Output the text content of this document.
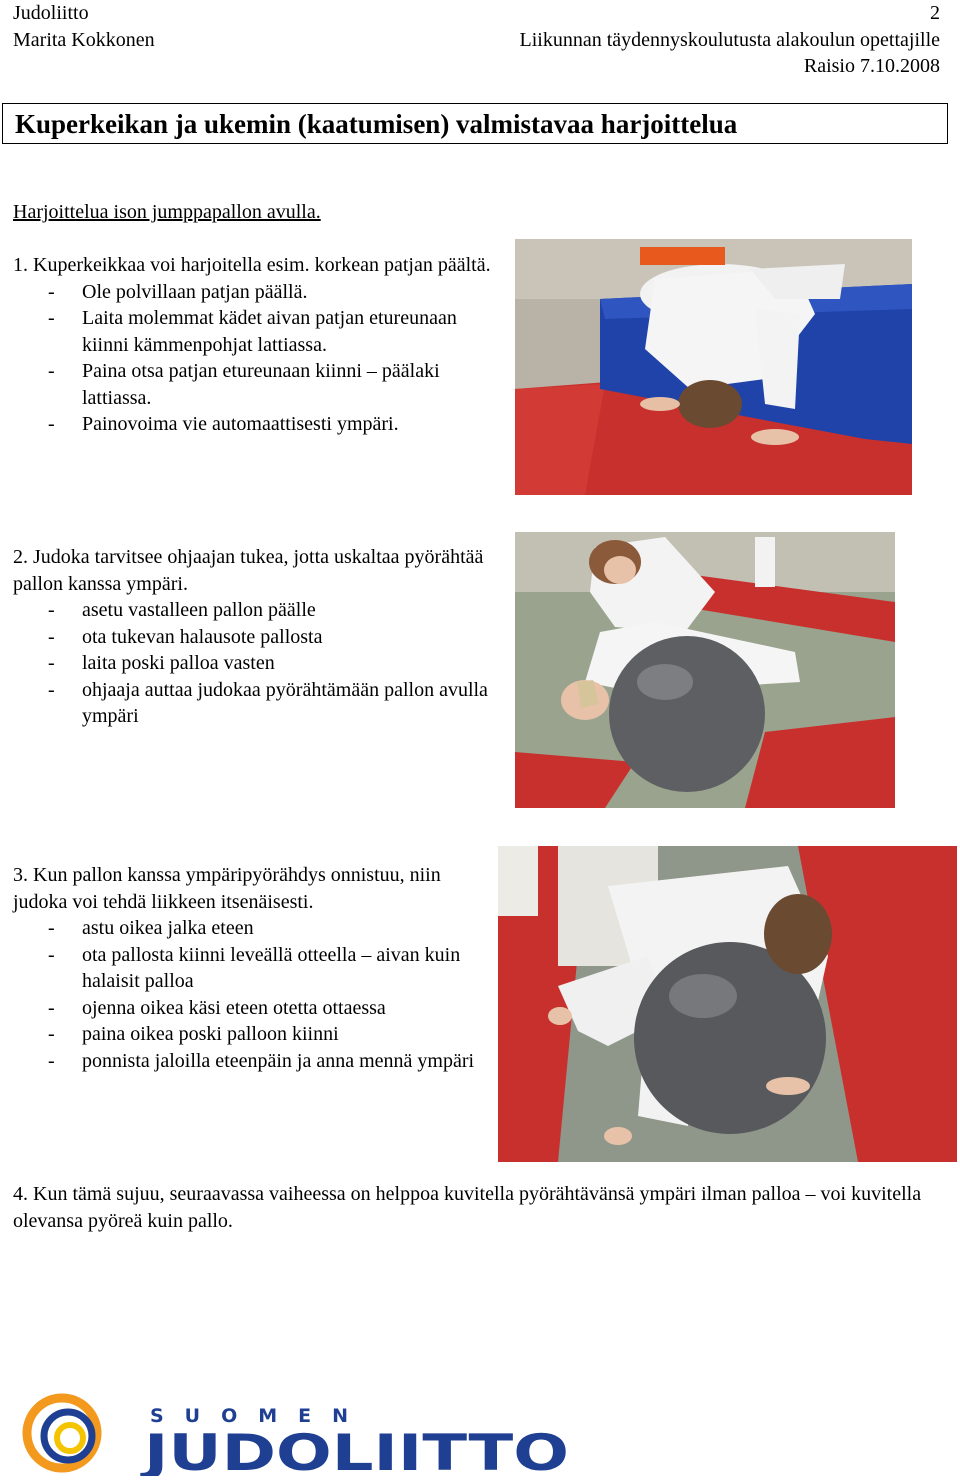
Judoliitto

Marita Kokkonen

2

Liikunnan täydennyskoulutusta alakoulun opettajille

Raisio 7.10.2008

Kuperkeikan ja ukemin (kaatumisen) valmistavaa harjoittelua
Harjoittelua ison jumppapallon avulla.

1. Kuperkeikkaa voi harjoitella esim. korkean patjan päältä.

- Ole polvillaan patjan päällä.
- Laita molemmat kädet aivan patjan etureunaan kiinni kämmenpohjat lattiassa.
- Paina otsa patjan etureunaan kiinni – päälaki lattiassa.
- Painovoima vie automaattisesti ympäri.

2. Judoka tarvitsee ohjaajan tukea, jotta uskaltaa pyörähtää pallon kanssa ympäri.

- asetu vastalleen pallon päälle
- ota tukevan halausote pallosta
- laita poski palloa vasten
- ohjaaja auttaa judokaa pyörähtämään pallon avulla ympäri

3. Kun pallon kanssa ympäripyörähdys onnistuu, niin judoka voi tehdä liikkeen itsenäisesti.

- astu oikea jalka eteen
- ota pallosta kiinni leveällä otteella – aivan kuin halaisit palloa
- ojenna oikea käsi eteen otetta ottaessa
- paina oikea poski palloon kiinni
- ponnista jaloilla eteenpäin ja anna mennä ympäri
4. Kun tämä sujuu, seuraavassa vaiheessa on helppoa kuvitella pyörähtävänsä ympäri ilman palloa – voi kuvitella olevansa pyöreä kuin pallo.
SUOMEN
JUDOLIITTO
